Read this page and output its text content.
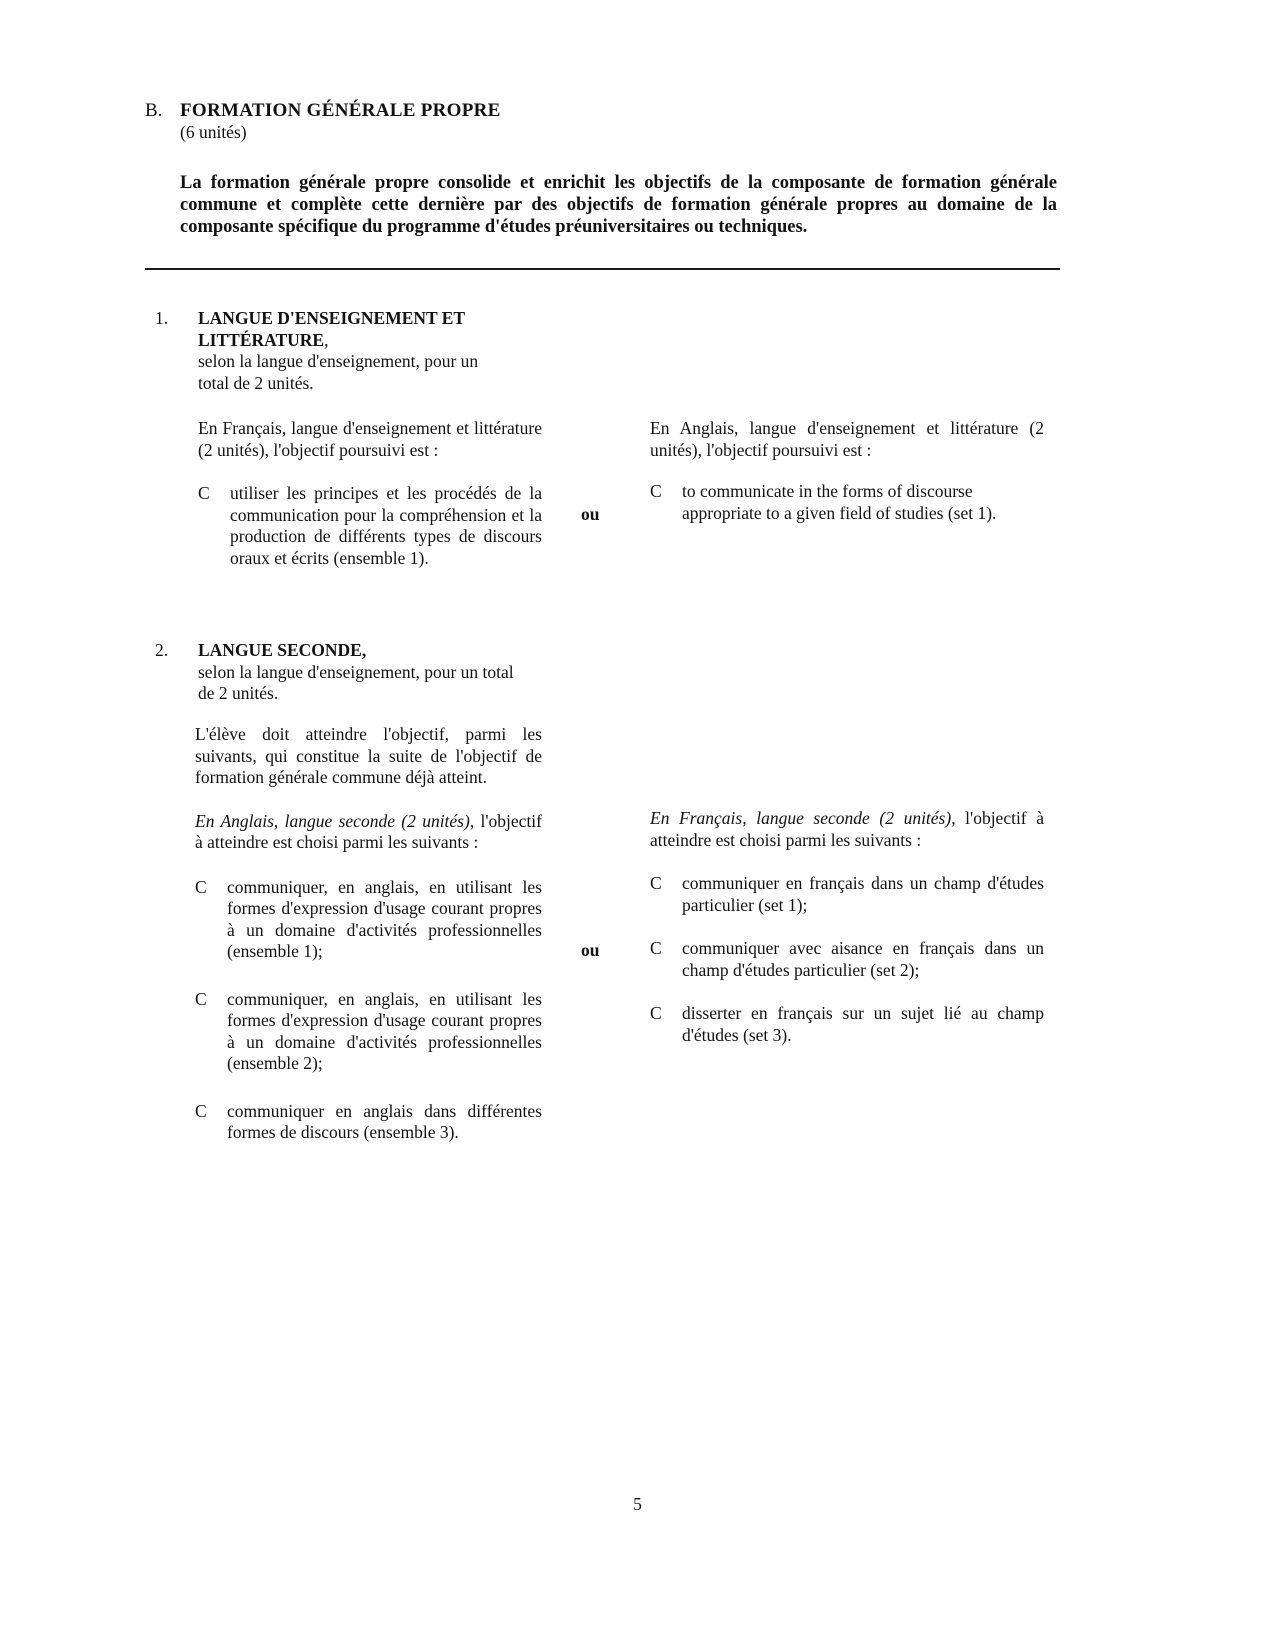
B. FORMATION GÉNÉRALE PROPRE
(6 unités)
La formation générale propre consolide et enrichit les objectifs de la composante de formation générale commune et complète cette dernière par des objectifs de formation générale propres au domaine de la composante spécifique du programme d'études préuniversitaires ou techniques.
1.	LANGUE D'ENSEIGNEMENT ET LITTÉRATURE,
selon la langue d'enseignement, pour un total de 2 unités.
En Français, langue d'enseignement et littérature (2 unités), l'objectif poursuivi est :
C	utiliser les principes et les procédés de la communication pour la compréhension et la production de différents types de discours oraux et écrits (ensemble 1).
ou
En Anglais, langue d'enseignement et littérature (2 unités), l'objectif poursuivi est :
C	to communicate in the forms of discourse appropriate to a given field of studies (set 1).
2.	LANGUE SECONDE,
selon la langue d'enseignement, pour un total de 2 unités.
L'élève doit atteindre l'objectif, parmi les suivants, qui constitue la suite de l'objectif de formation générale commune déjà atteint.
En Anglais, langue seconde (2 unités), l'objectif à atteindre est choisi parmi les suivants :
C	communiquer, en anglais, en utilisant les formes d'expression d'usage courant propres à un domaine d'activités professionnelles (ensemble 1);
C	communiquer, en anglais, en utilisant les formes d'expression d'usage courant propres à un domaine d'activités professionnelles (ensemble 2);
C	communiquer en anglais dans différentes formes de discours (ensemble 3).
ou
En Français, langue seconde (2 unités), l'objectif à atteindre est choisi parmi les suivants :
C	communiquer en français dans un champ d'études particulier (set 1);
C	communiquer avec aisance en français dans un champ d'études particulier (set 2);
C	disserter en français sur un sujet lié au champ d'études (set 3).
5
